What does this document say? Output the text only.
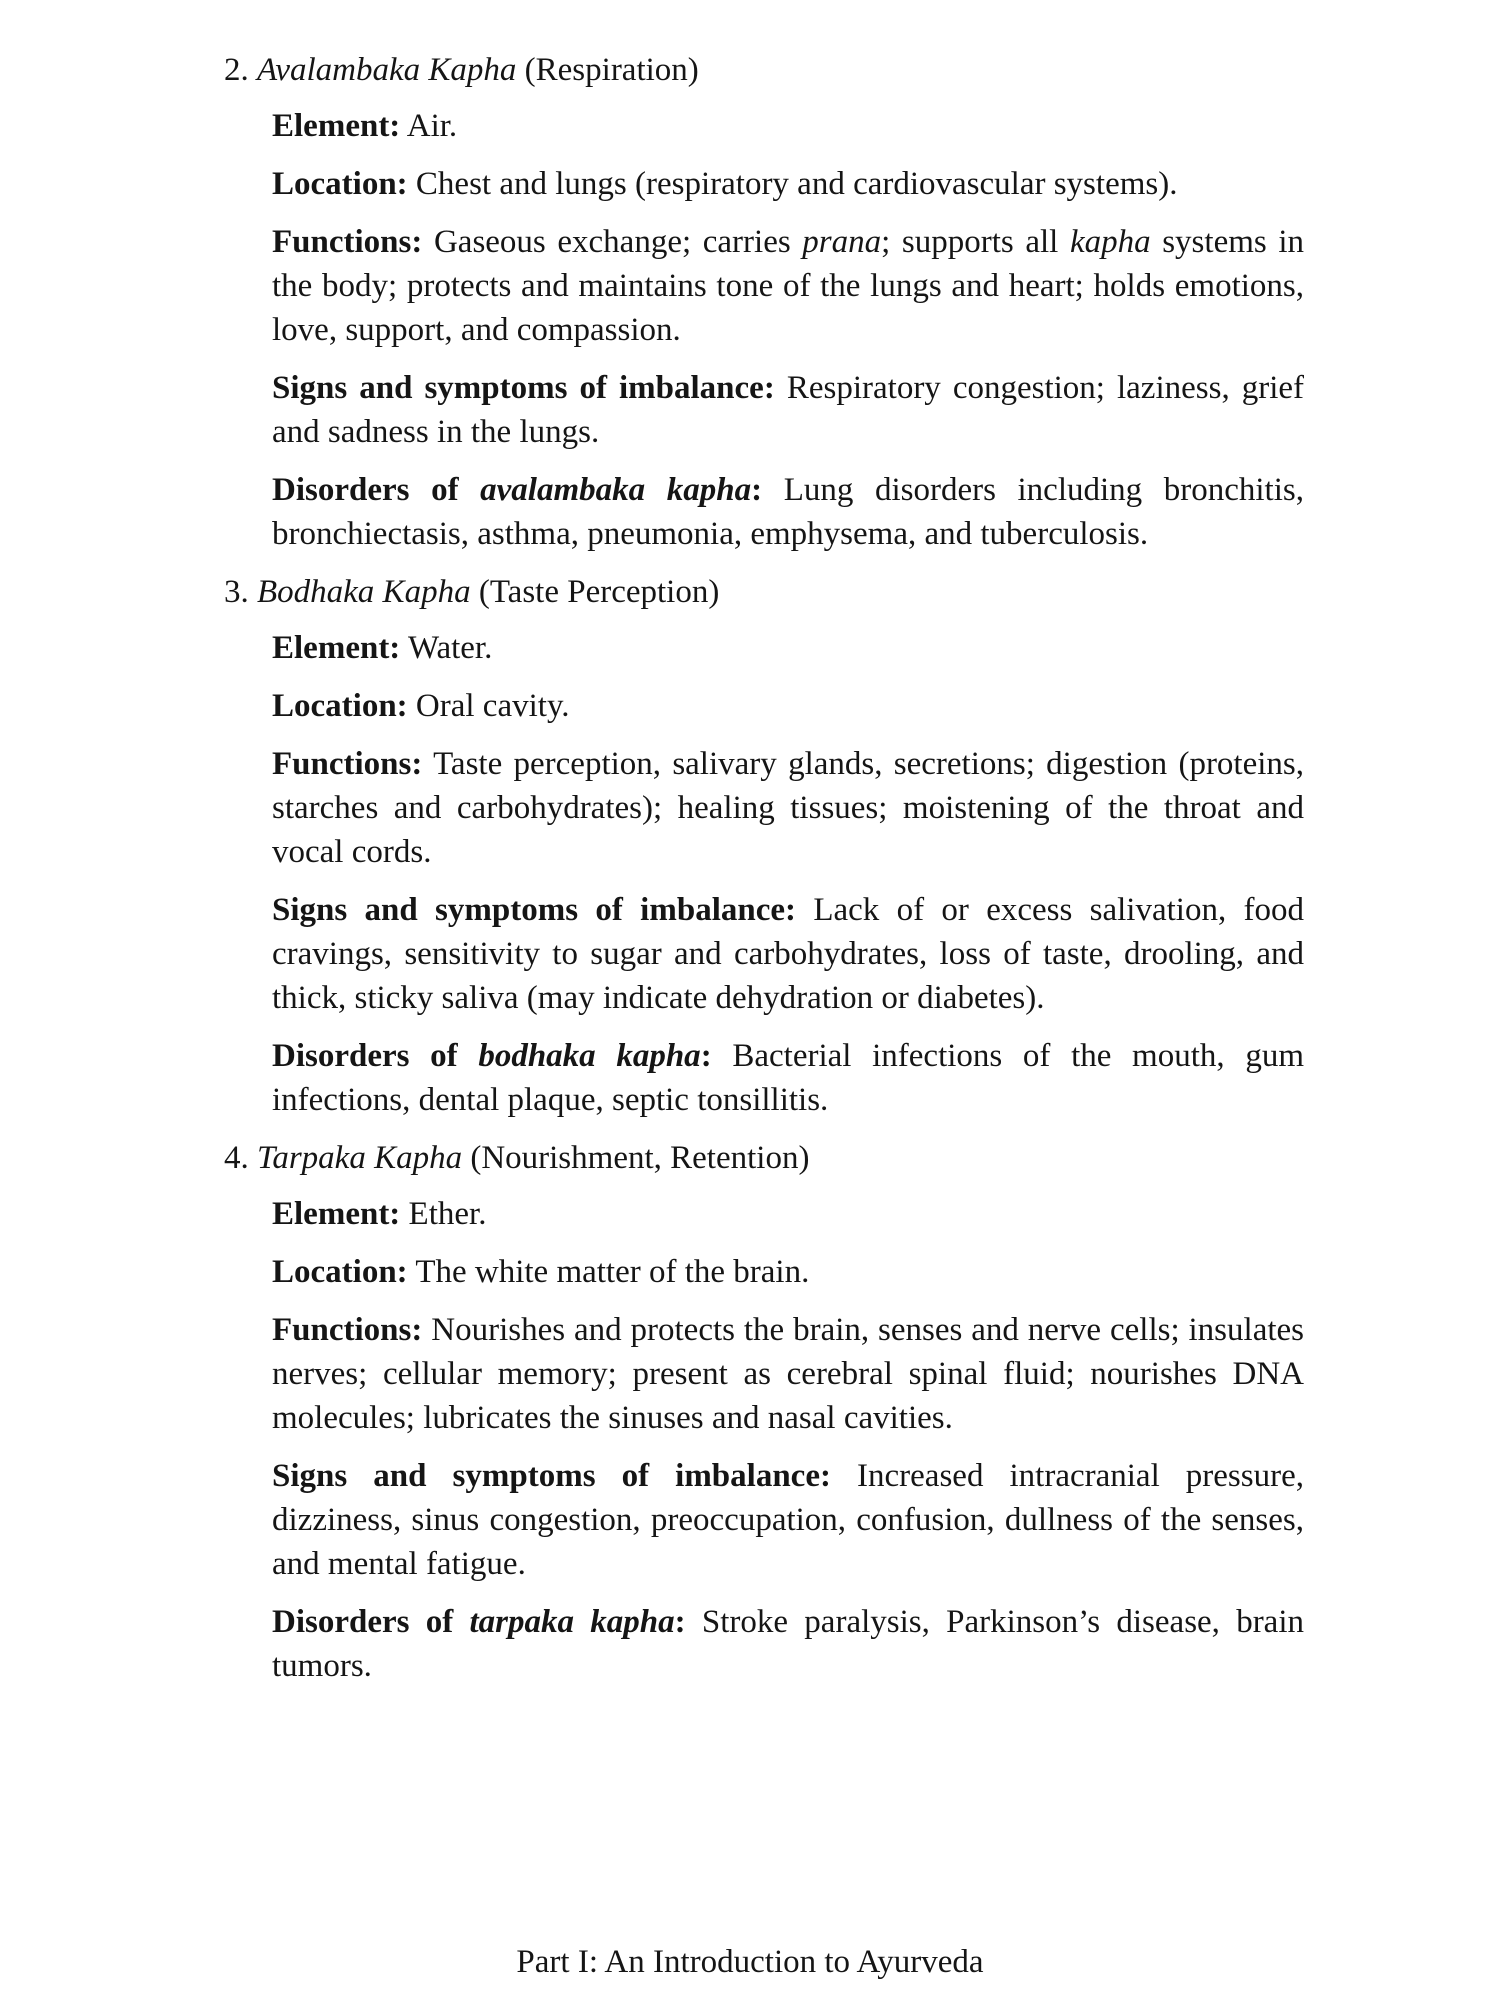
2. Avalambaka Kapha (Respiration)

Element: Air.

Location: Chest and lungs (respiratory and cardiovascular systems).

Functions: Gaseous exchange; carries prana; supports all kapha systems in the body; protects and maintains tone of the lungs and heart; holds emotions, love, support, and compassion.

Signs and symptoms of imbalance: Respiratory congestion; laziness, grief and sadness in the lungs.

Disorders of avalambaka kapha: Lung disorders including bronchitis, bronchiectasis, asthma, pneumonia, emphysema, and tuberculosis.

3. Bodhaka Kapha (Taste Perception)

Element: Water.

Location: Oral cavity.

Functions: Taste perception, salivary glands, secretions; digestion (proteins, starches and carbohydrates); healing tissues; moistening of the throat and vocal cords.

Signs and symptoms of imbalance: Lack of or excess salivation, food cravings, sensitivity to sugar and carbohydrates, loss of taste, drooling, and thick, sticky saliva (may indicate dehydration or diabetes).

Disorders of bodhaka kapha: Bacterial infections of the mouth, gum infections, dental plaque, septic tonsillitis.

4. Tarpaka Kapha (Nourishment, Retention)

Element: Ether.

Location: The white matter of the brain.

Functions: Nourishes and protects the brain, senses and nerve cells; insulates nerves; cellular memory; present as cerebral spinal fluid; nourishes DNA molecules; lubricates the sinuses and nasal cavities.

Signs and symptoms of imbalance: Increased intracranial pressure, dizziness, sinus congestion, preoccupation, confusion, dullness of the senses, and mental fatigue.

Disorders of tarpaka kapha: Stroke paralysis, Parkinson’s disease, brain tumors.

Part I: An Introduction to Ayurveda
